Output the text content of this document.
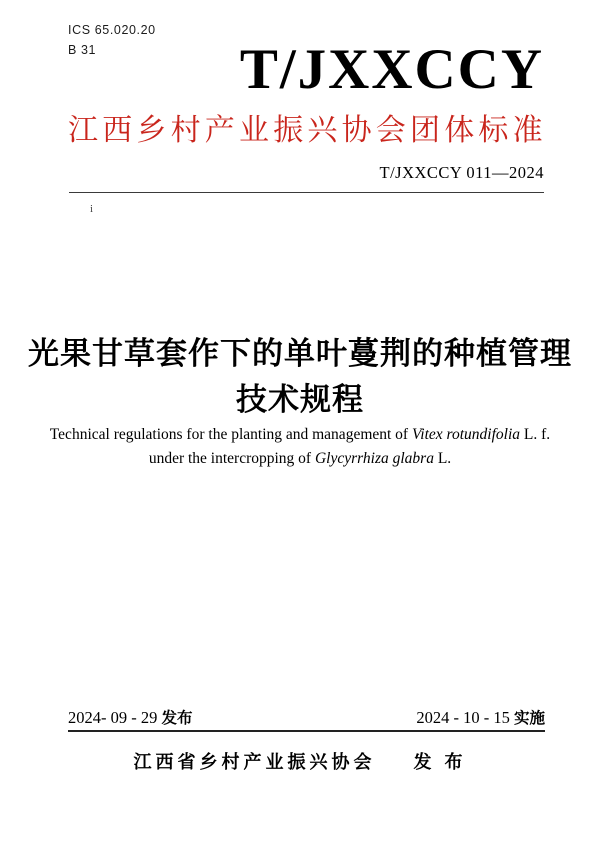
ICS 65.020.20
B 31	T/JXXCCY
江西乡村产业振兴协会团体标准
T/JXXCCY 011—2024
i
光果甘草套作下的单叶蔓荆的种植管理
技术规程
Technical regulations for the planting and management of Vitex rotundifolia L. f.
under the intercropping of Glycyrrhiza glabra L.
2024- 09 - 29 发布	2024 - 10 - 15 实施
江西省乡村产业振兴协会 发 布
